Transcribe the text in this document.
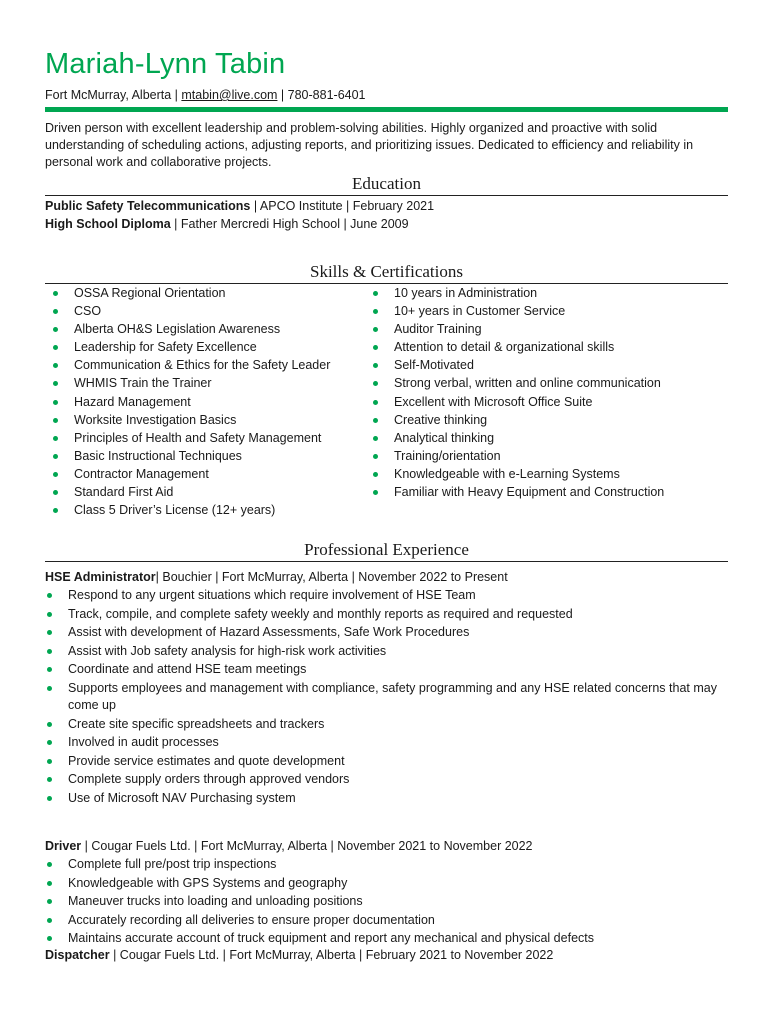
Mariah-Lynn Tabin
Fort McMurray, Alberta | mtabin@live.com | 780-881-6401
Driven person with excellent leadership and problem-solving abilities. Highly organized and proactive with solid understanding of scheduling actions, adjusting reports, and prioritizing issues. Dedicated to efficiency and reliability in personal work and collaborative projects.
Education
Public Safety Telecommunications | APCO Institute | February 2021
High School Diploma | Father Mercredi High School | June 2009
Skills & Certifications
OSSA Regional Orientation
CSO
Alberta OH&S Legislation Awareness
Leadership for Safety Excellence
Communication & Ethics for the Safety Leader
WHMIS Train the Trainer
Hazard Management
Worksite Investigation Basics
Principles of Health and Safety Management
Basic Instructional Techniques
Contractor Management
Standard First Aid
Class 5 Driver’s License (12+ years)
10 years in Administration
10+ years in Customer Service
Auditor Training
Attention to detail & organizational skills
Self-Motivated
Strong verbal, written and online communication
Excellent with Microsoft Office Suite
Creative thinking
Analytical thinking
Training/orientation
Knowledgeable with e-Learning Systems
Familiar with Heavy Equipment and Construction
Professional Experience
HSE Administrator| Bouchier | Fort McMurray, Alberta | November 2022 to Present
Respond to any urgent situations which require involvement of HSE Team
Track, compile, and complete safety weekly and monthly reports as required and requested
Assist with development of Hazard Assessments, Safe Work Procedures
Assist with Job safety analysis for high-risk work activities
Coordinate and attend HSE team meetings
Supports employees and management with compliance, safety programming and any HSE related concerns that may come up
Create site specific spreadsheets and trackers
Involved in audit processes
Provide service estimates and quote development
Complete supply orders through approved vendors
Use of Microsoft NAV Purchasing system
Driver | Cougar Fuels Ltd. | Fort McMurray, Alberta | November 2021 to November 2022
Complete full pre/post trip inspections
Knowledgeable with GPS Systems and geography
Maneuver trucks into loading and unloading positions
Accurately recording all deliveries to ensure proper documentation
Maintains accurate account of truck equipment and report any mechanical and physical defects
Dispatcher | Cougar Fuels Ltd. | Fort McMurray, Alberta | February 2021 to November 2022
